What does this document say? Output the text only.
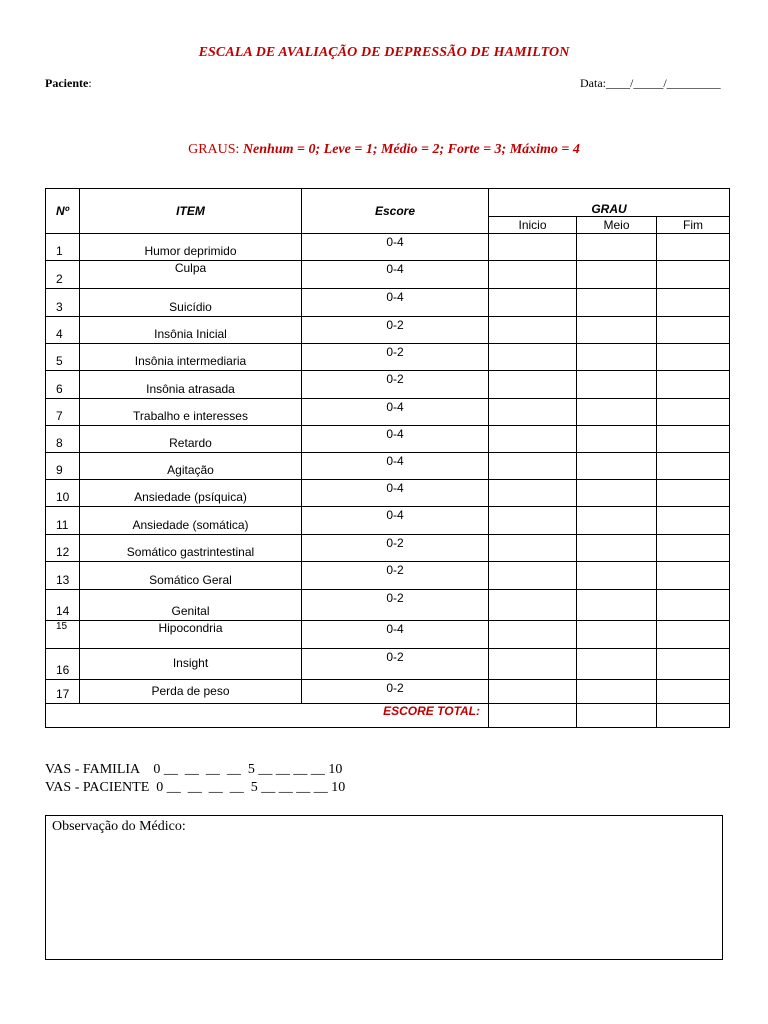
ESCALA DE AVALIAÇÃO DE DEPRESSÃO DE HAMILTON
Paciente:	Data:____/_____/_________
GRAUS: Nenhum = 0; Leve = 1; Médio = 2; Forte = 3; Máximo = 4
Nº	ITEM	Escore	GRAU		
			Inicio	Meio	Fim
1	Humor deprimido	0-4			
2	Culpa	0-4			
3	Suicídio	0-4			
4	Insônia Inicial	0-2			
5	Insônia intermediaria	0-2			
6	Insônia atrasada	0-2			
7	Trabalho e interesses	0-4			
8	Retardo	0-4			
9	Agitação	0-4			
10	Ansiedade (psíquica)	0-4			
11	Ansiedade (somática)	0-4			
12	Somático gastrintestinal	0-2			
13	Somático Geral	0-2			
14	Genital	0-2			
15	Hipocondria	0-4			
16	Insight	0-2			
17	Perda de peso	0-2			
ESCORE TOTAL:					
VAS - FAMILIA    0 __  __  __  __  5 __ __ __ __ 10
VAS - PACIENTE  0 __  __  __  __  5 __ __ __ __ 10
Observação do Médico:
